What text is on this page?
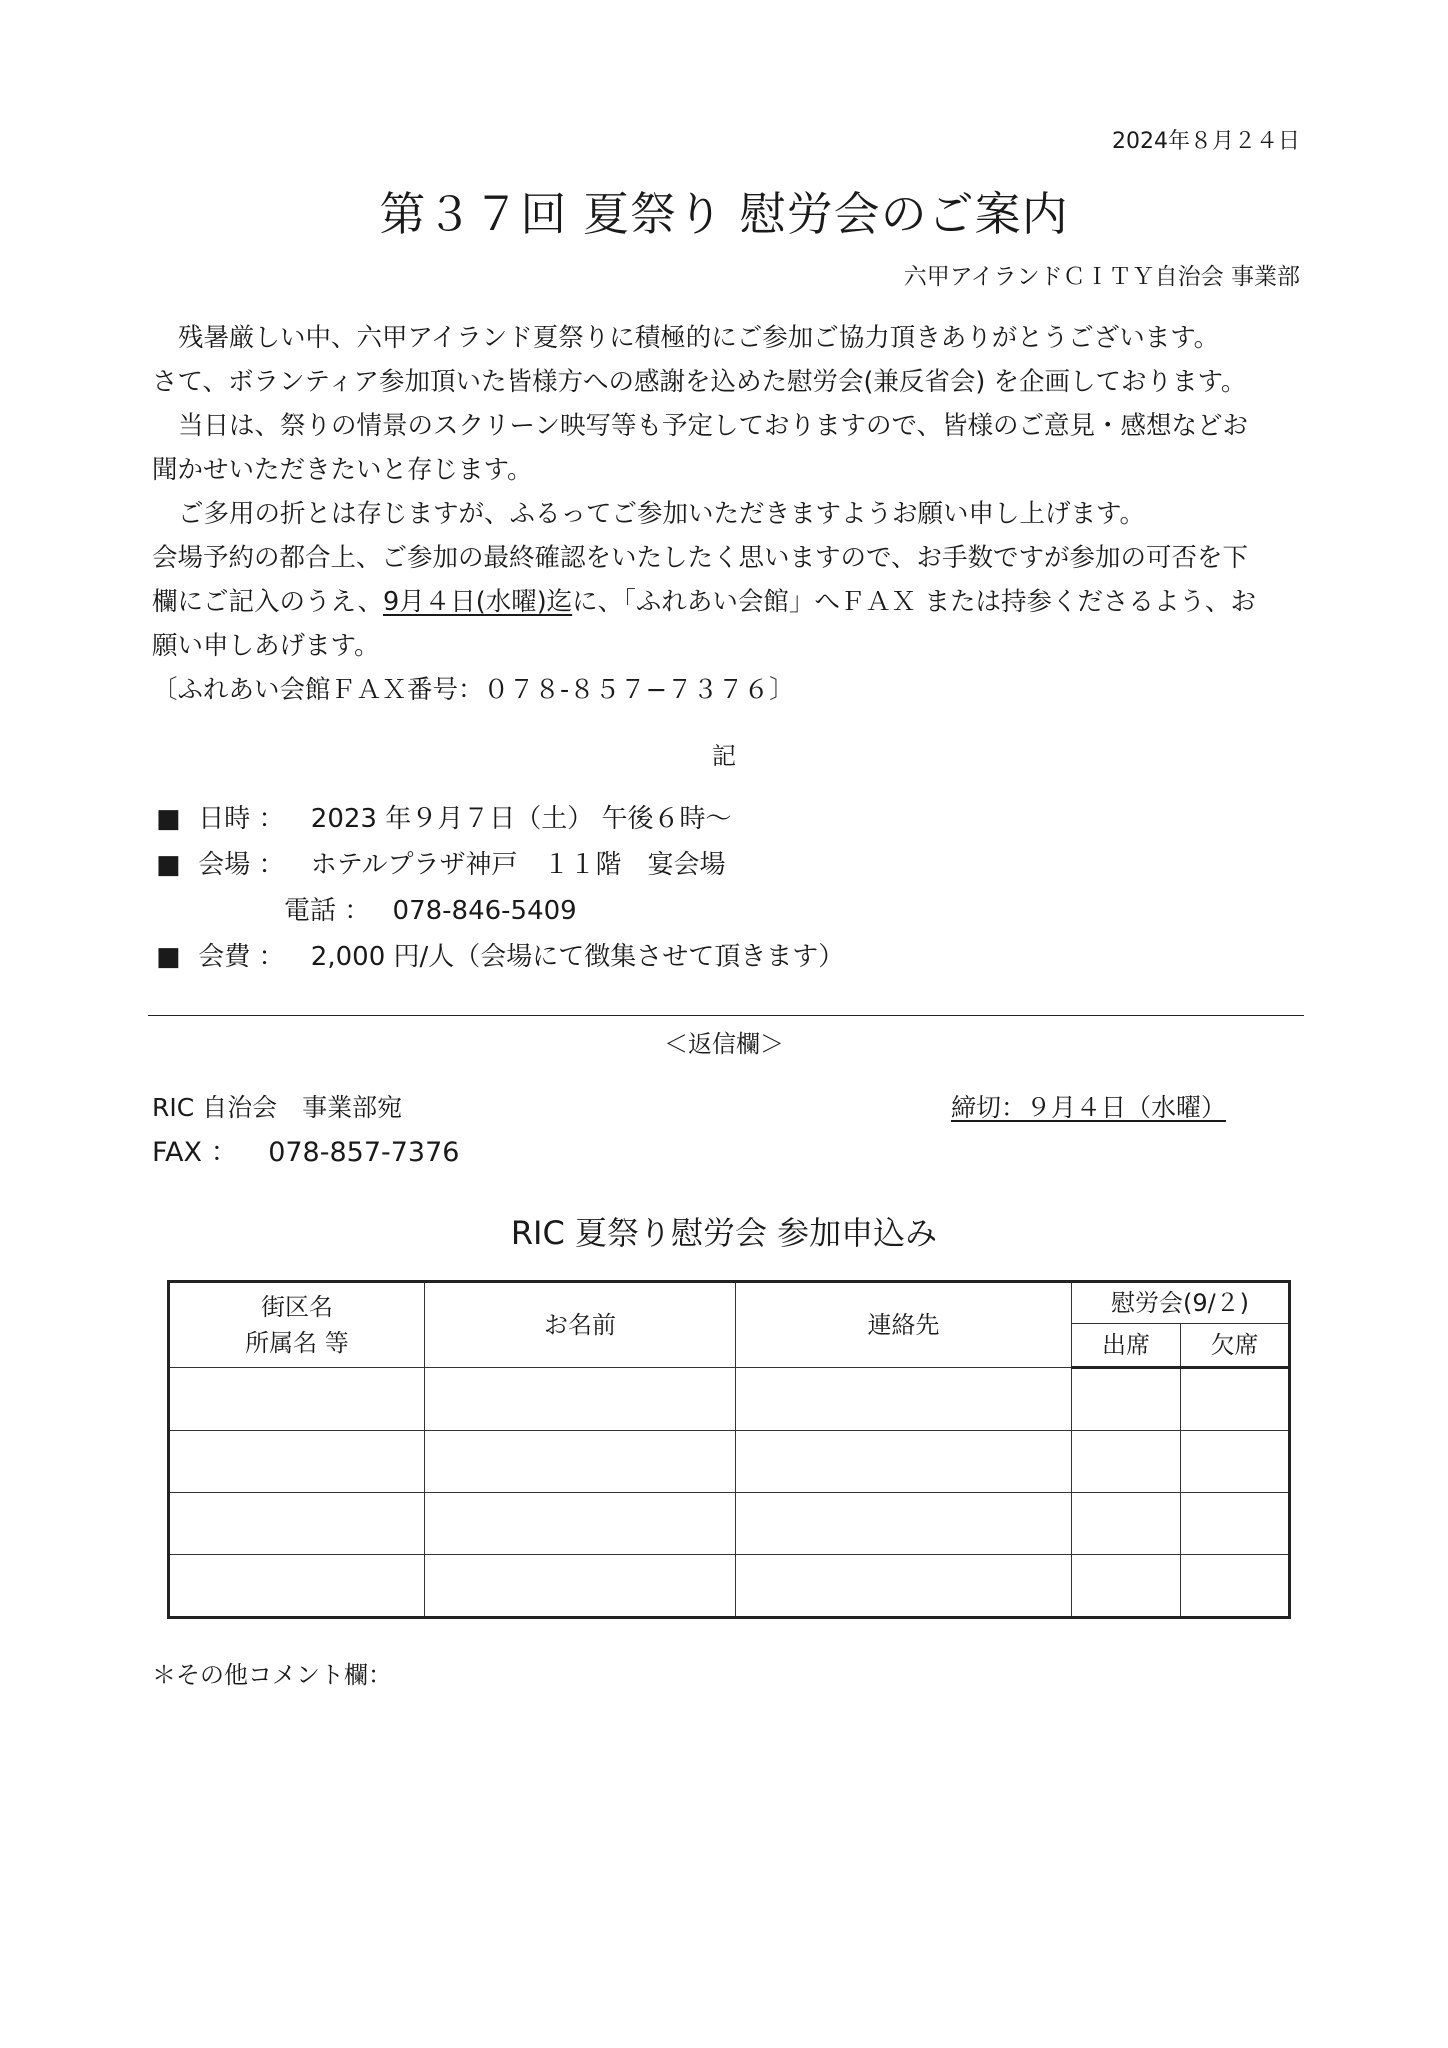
2024年８月２４日
第３７回 夏祭り 慰労会のご案内
六甲アイランドＣＩＴＹ自治会 事業部
残暑厳しい中、六甲アイランド夏祭りに積極的にご参加ご協力頂きありがとうございます。
さて、ボランティア参加頂いた皆様方への感謝を込めた慰労会(兼反省会) を企画しております。
当日は、祭りの情景のスクリーン映写等も予定しておりますので、皆様のご意見・感想などお
聞かせいただきたいと存じます。
ご多用の折とは存じますが、ふるってご参加いただきますようお願い申し上げます。
会場予約の都合上、ご参加の最終確認をいたしたく思いますので、お手数ですが参加の可否を下
欄にご記入のうえ、9月４日(水曜)迄に、「ふれあい会館」へＦＡＸ または持参くださるよう、お
願い申しあげます。
〔ふれあい会館ＦＡＸ番号：０７８-８５７−７３７６〕
記
■ 日時 ： 2023 年９月７日（土） 午後６時～
■ 会場 ： ホテルプラザ神戸　１１階　宴会場
電話 ： 078-846-5409
■ 会費 ： 2,000 円/人（会場にて徴集させて頂きます）
＜返信欄＞
RIC 自治会　事業部宛	締切：９月４日（水曜）
FAX ： 078-857-7376
RIC 夏祭り慰労会 参加申込み
街区名
所属名 等	お名前	連絡先	慰労会(9/２)	
			出席	欠席

＊その他コメント欄：
